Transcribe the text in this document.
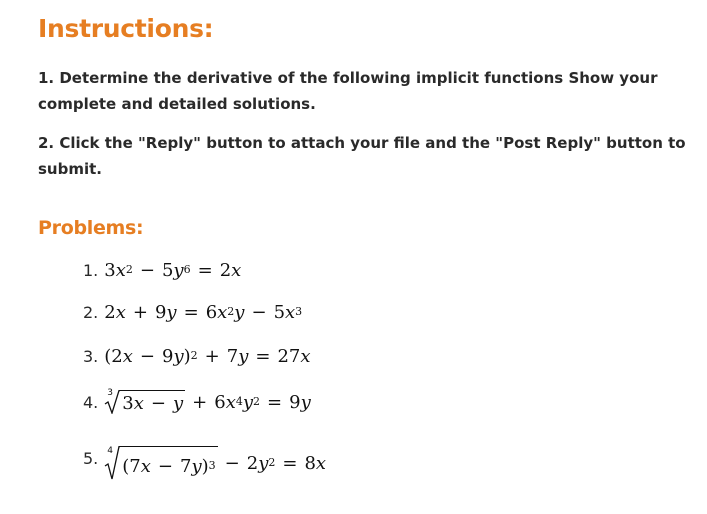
Instructions:

1. Determine the derivative of the following implicit functions Show your complete and detailed solutions.

2. Click the "Reply" button to attach your file and the "Post Reply" button to submit.

Problems:
1. 3 x 2 − 5 y 6 = 2 x
2. 2 x + 9 y = 6 x 2 y − 5 x 3
3. (2 x − 9 y ) 2 + 7 y = 27 x
4. 3 3 x − y + 6 x 4 y 2 = 9 y
5. 4
(7 x − 7 y ) 3 − 2 y 2 = 8 x
